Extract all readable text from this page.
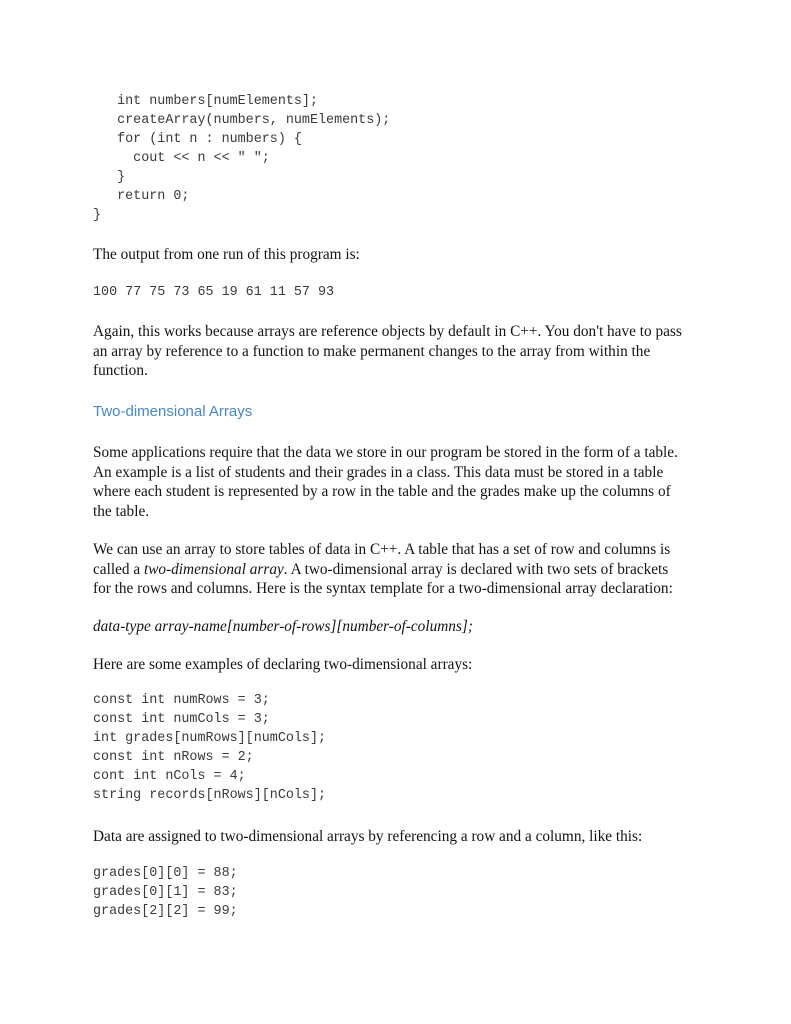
int numbers[numElements];
createArray(numbers, numElements);
for (int n : numbers) {
cout << n << " ";
}
return 0;
}

The output from one run of this program is:

100 77 75 73 65 19 61 11 57 93

Again, this works because arrays are reference objects by default in C++. You don't have to pass
an array by reference to a function to make permanent changes to the array from within the
function.

Two-dimensional Arrays

Some applications require that the data we store in our program be stored in the form of a table.
An example is a list of students and their grades in a class. This data must be stored in a table
where each student is represented by a row in the table and the grades make up the columns of
the table.

We can use an array to store tables of data in C++. A table that has a set of row and columns is
called a two-dimensional array. A two-dimensional array is declared with two sets of brackets
for the rows and columns. Here is the syntax template for a two-dimensional array declaration:

data-type array-name[number-of-rows][number-of-columns];

Here are some examples of declaring two-dimensional arrays:

const int numRows = 3;
const int numCols = 3;
int grades[numRows][numCols];
const int nRows = 2;
cont int nCols = 4;
string records[nRows][nCols];

Data are assigned to two-dimensional arrays by referencing a row and a column, like this:

grades[0][0] = 88;
grades[0][1] = 83;
grades[2][2] = 99;
